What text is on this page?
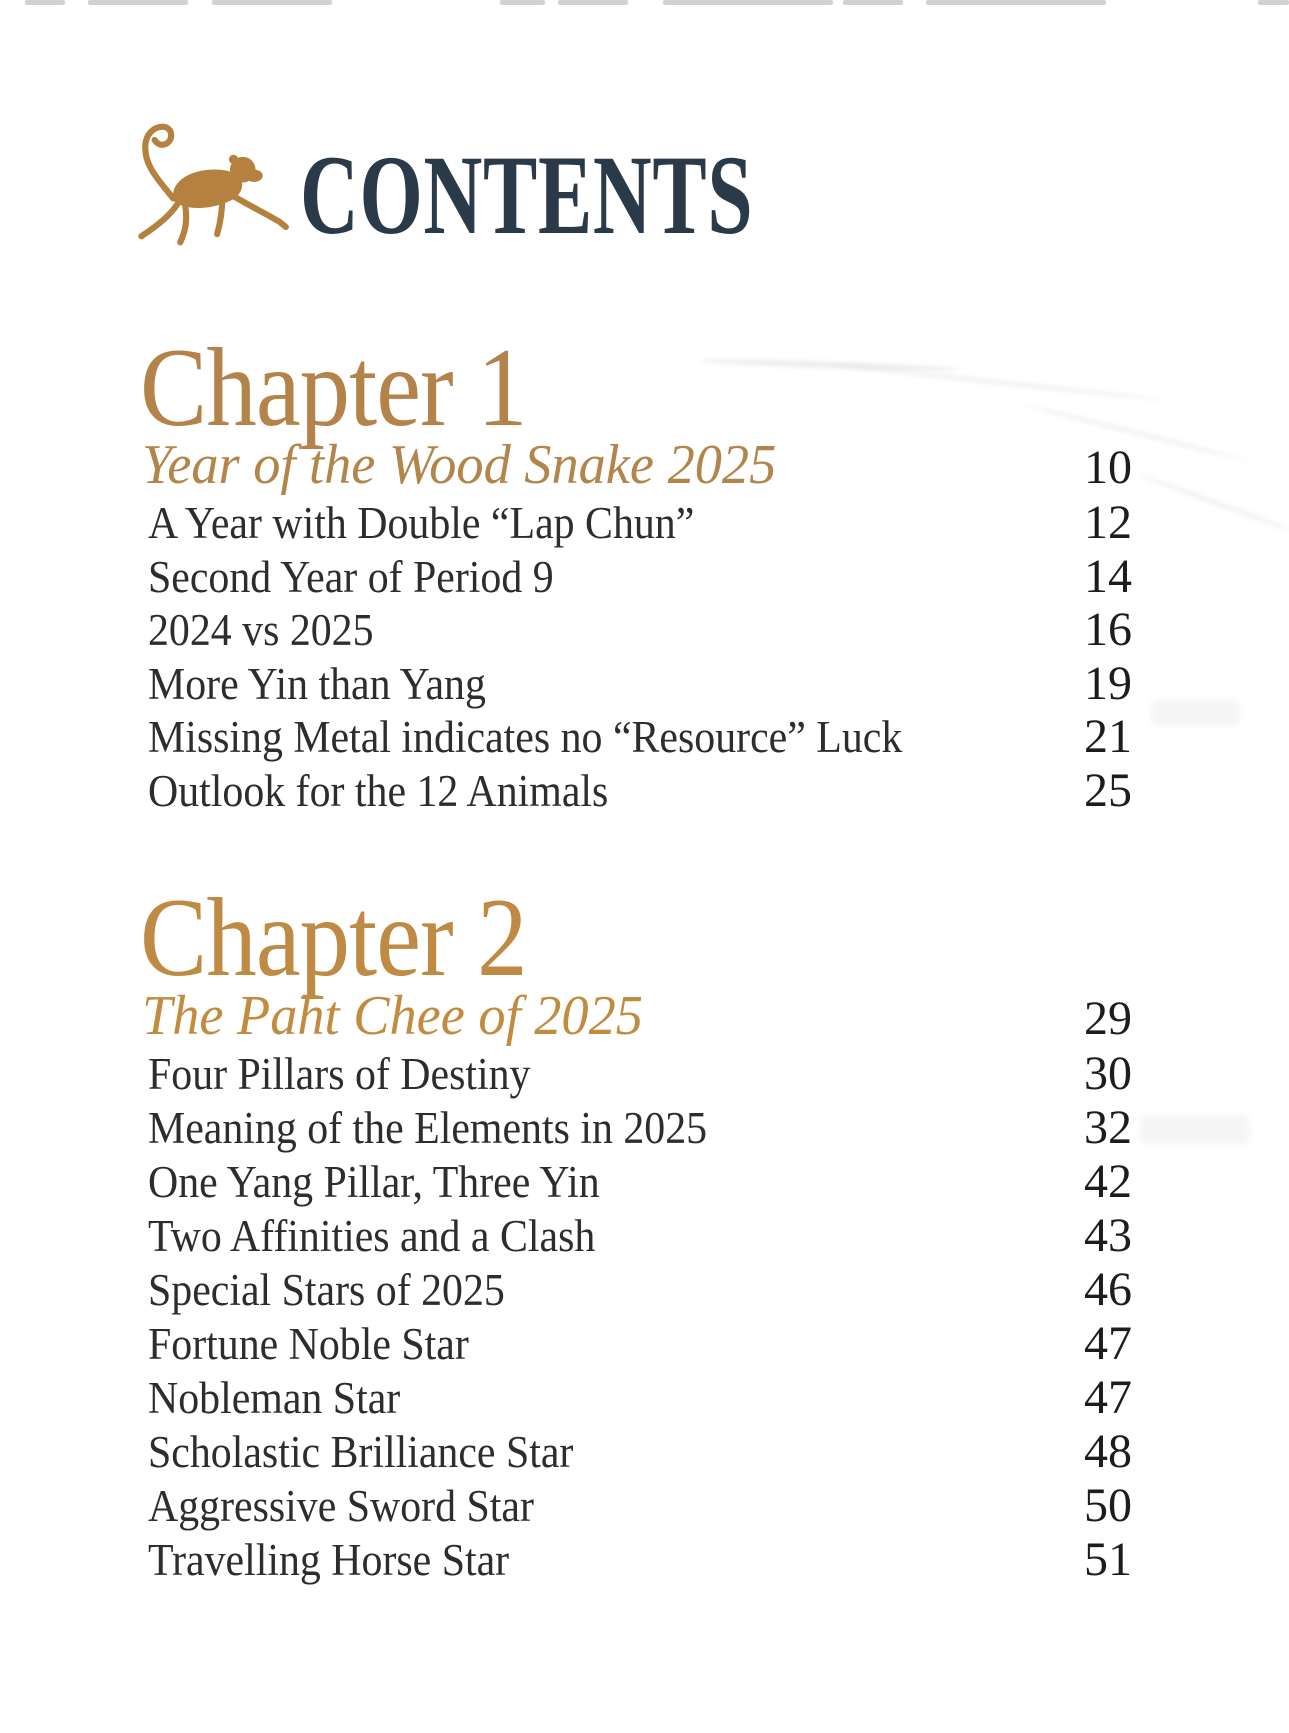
CONTENTS
Chapter 1
Year of the Wood Snake 2025	10
A Year with Double “Lap Chun”	12
Second Year of Period 9	14
2024 vs 2025	16
More Yin than Yang	19
Missing Metal indicates no “Resource” Luck	21
Outlook for the 12 Animals	25
Chapter 2
The Paht Chee of 2025	29
Four Pillars of Destiny	30
Meaning of the Elements in 2025	32
One Yang Pillar, Three Yin	42
Two Affinities and a Clash	43
Special Stars of 2025	46
Fortune Noble Star	47
Nobleman Star	47
Scholastic Brilliance Star	48
Aggressive Sword Star	50
Travelling Horse Star	51
